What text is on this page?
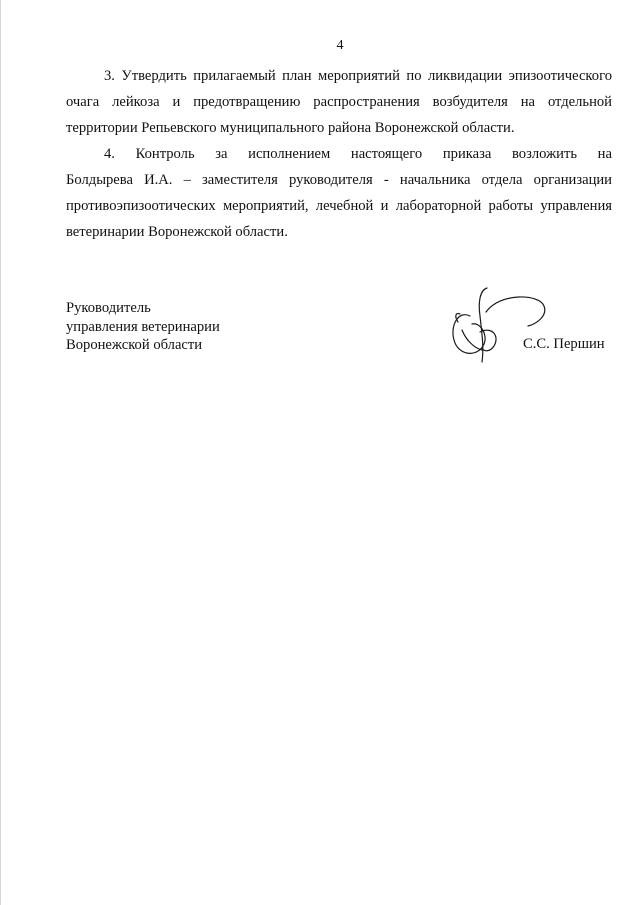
4

3. Утвердить прилагаемый план мероприятий по ликвидации эпизоотического очага лейкоза и предотвращению распространения возбудителя на отдельной территории Репьевского муниципального района Воронежской области.

4. Контроль за исполнением настоящего приказа возложить на

Болдырева И.А. – заместителя руководителя - начальника отдела организации противоэпизоотических мероприятий, лечебной и лабораторной работы управления ветеринарии Воронежской области.

Руководитель
управления ветеринарии
Воронежской области	С.С. Першин
